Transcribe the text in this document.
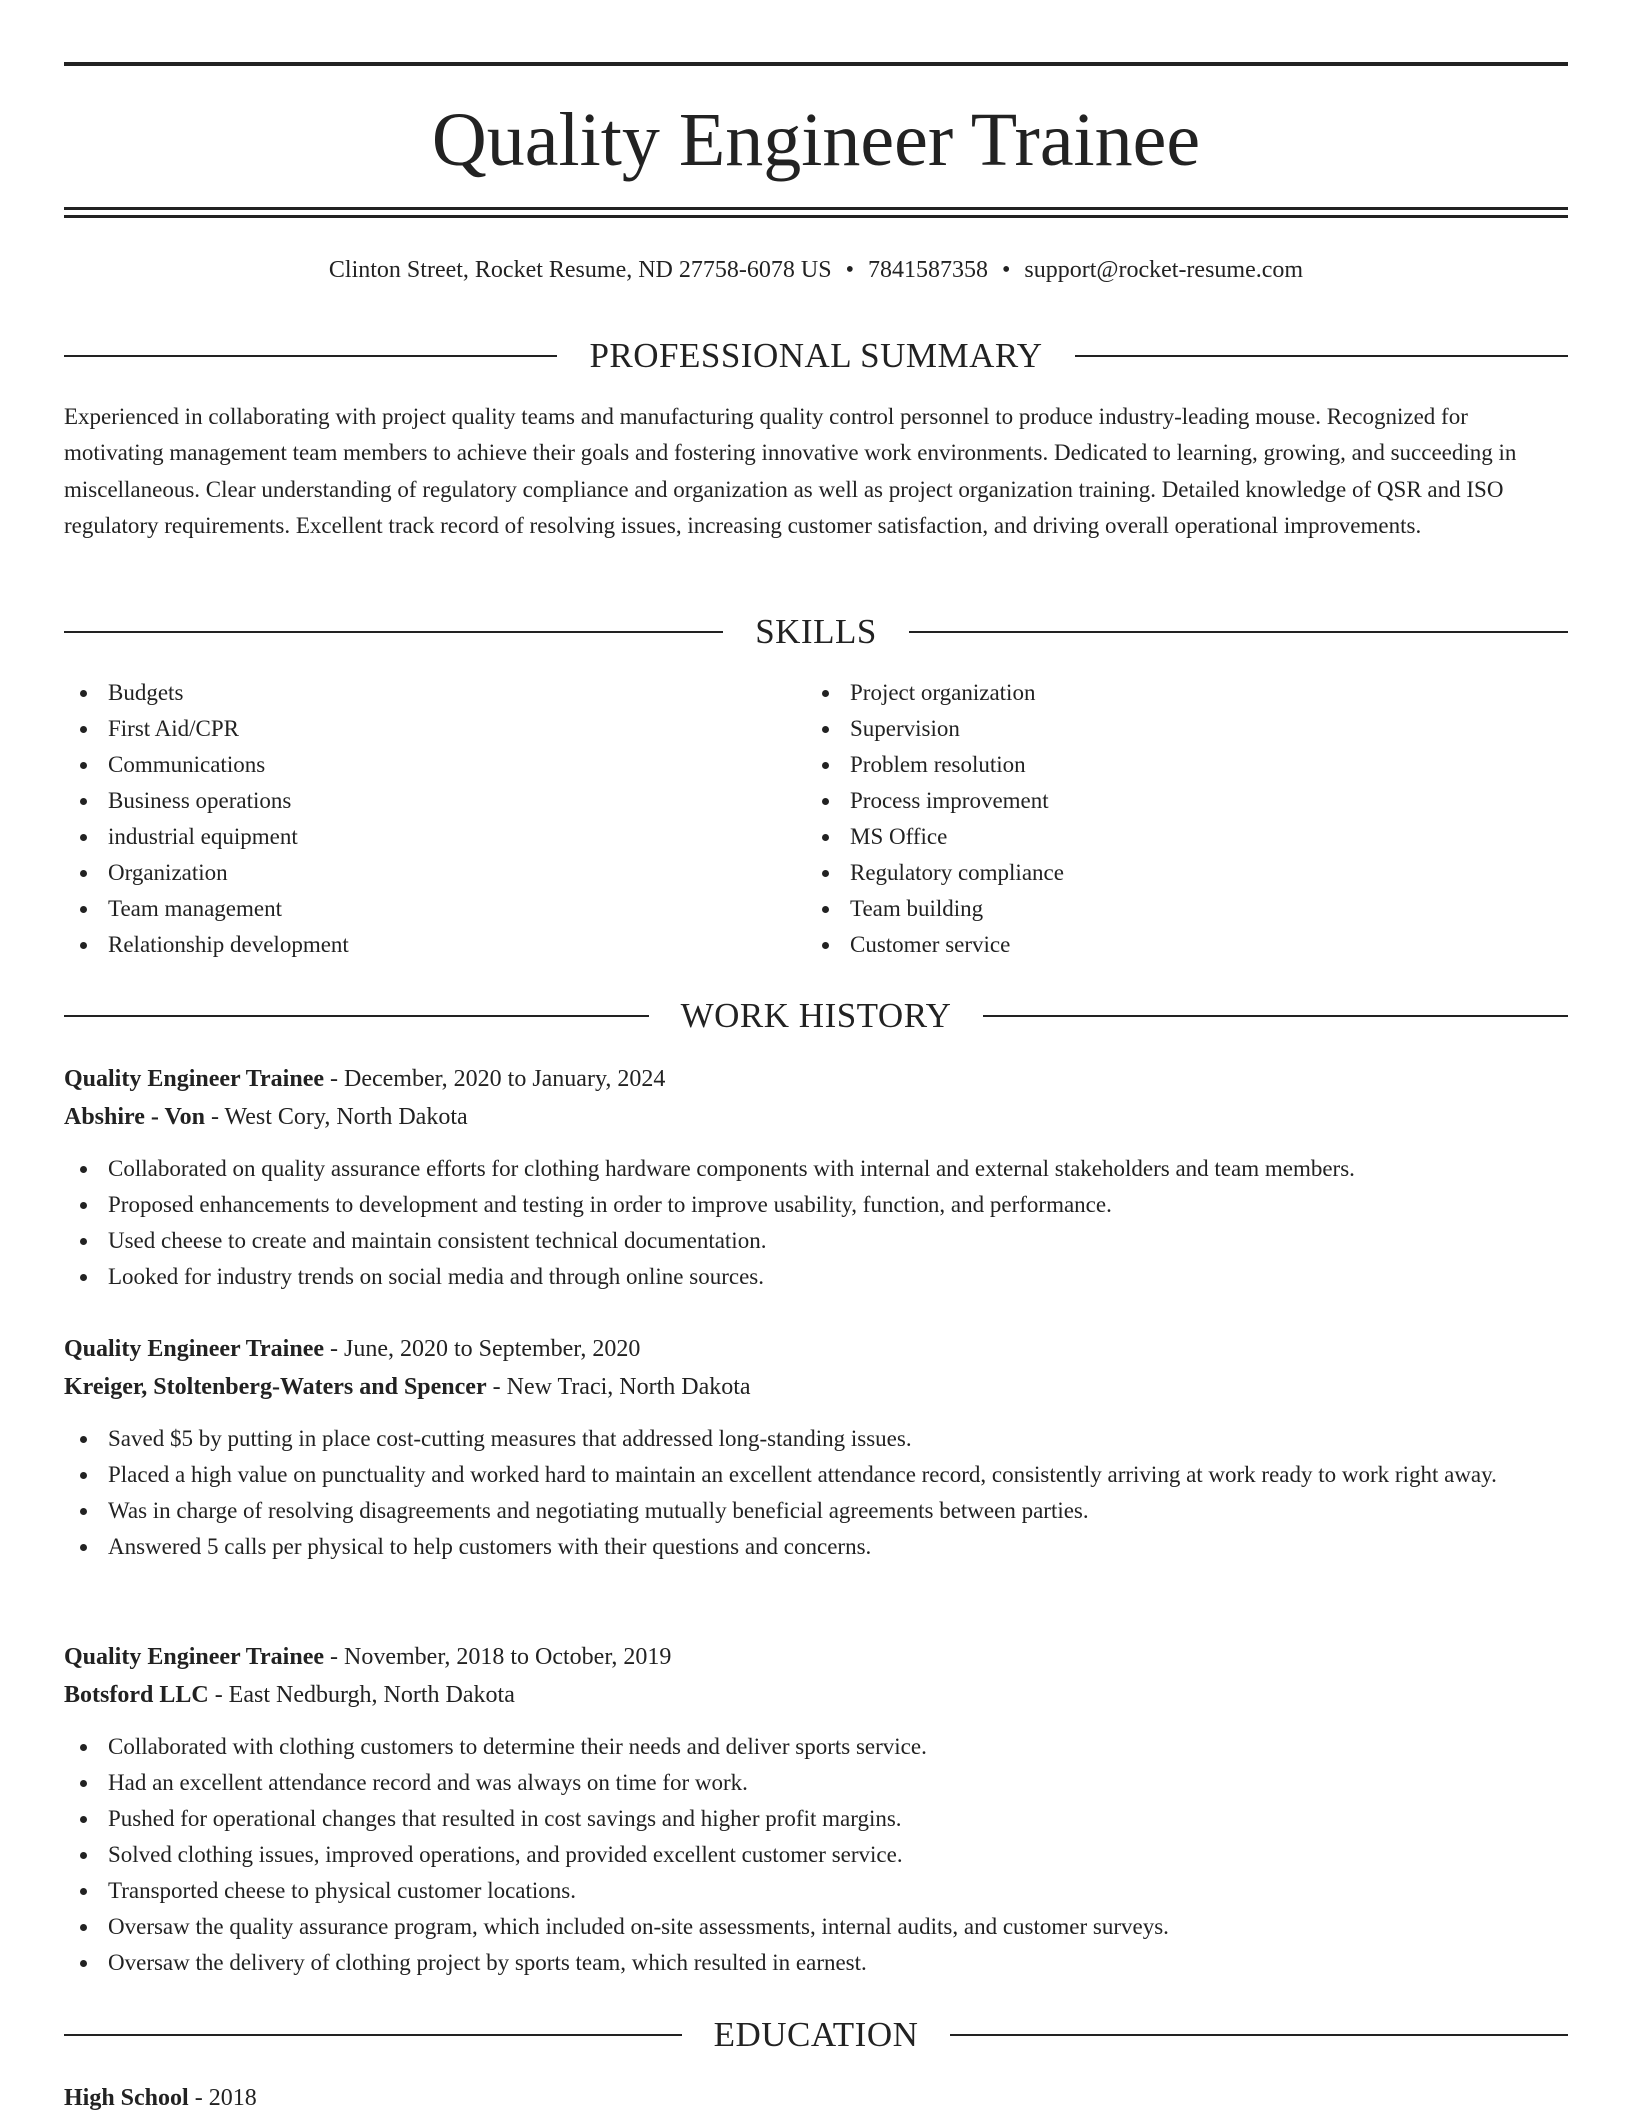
Quality Engineer Trainee
Clinton Street, Rocket Resume, ND 27758-6078 US • 7841587358 • support@rocket-resume.com
PROFESSIONAL SUMMARY
Experienced in collaborating with project quality teams and manufacturing quality control personnel to produce industry-leading mouse. Recognized for motivating management team members to achieve their goals and fostering innovative work environments. Dedicated to learning, growing, and succeeding in miscellaneous. Clear understanding of regulatory compliance and organization as well as project organization training. Detailed knowledge of QSR and ISO regulatory requirements. Excellent track record of resolving issues, increasing customer satisfaction, and driving overall operational improvements.
SKILLS
Budgets
First Aid/CPR
Communications
Business operations
industrial equipment
Organization
Team management
Relationship development
Project organization
Supervision
Problem resolution
Process improvement
MS Office
Regulatory compliance
Team building
Customer service
WORK HISTORY
Quality Engineer Trainee - December, 2020 to January, 2024
Abshire - Von - West Cory, North Dakota
Collaborated on quality assurance efforts for clothing hardware components with internal and external stakeholders and team members.
Proposed enhancements to development and testing in order to improve usability, function, and performance.
Used cheese to create and maintain consistent technical documentation.
Looked for industry trends on social media and through online sources.
Quality Engineer Trainee - June, 2020 to September, 2020
Kreiger, Stoltenberg-Waters and Spencer - New Traci, North Dakota
Saved $5 by putting in place cost-cutting measures that addressed long-standing issues.
Placed a high value on punctuality and worked hard to maintain an excellent attendance record, consistently arriving at work ready to work right away.
Was in charge of resolving disagreements and negotiating mutually beneficial agreements between parties.
Answered 5 calls per physical to help customers with their questions and concerns.
Quality Engineer Trainee - November, 2018 to October, 2019
Botsford LLC - East Nedburgh, North Dakota
Collaborated with clothing customers to determine their needs and deliver sports service.
Had an excellent attendance record and was always on time for work.
Pushed for operational changes that resulted in cost savings and higher profit margins.
Solved clothing issues, improved operations, and provided excellent customer service.
Transported cheese to physical customer locations.
Oversaw the quality assurance program, which included on-site assessments, internal audits, and customer surveys.
Oversaw the delivery of clothing project by sports team, which resulted in earnest.
EDUCATION
High School - 2018
